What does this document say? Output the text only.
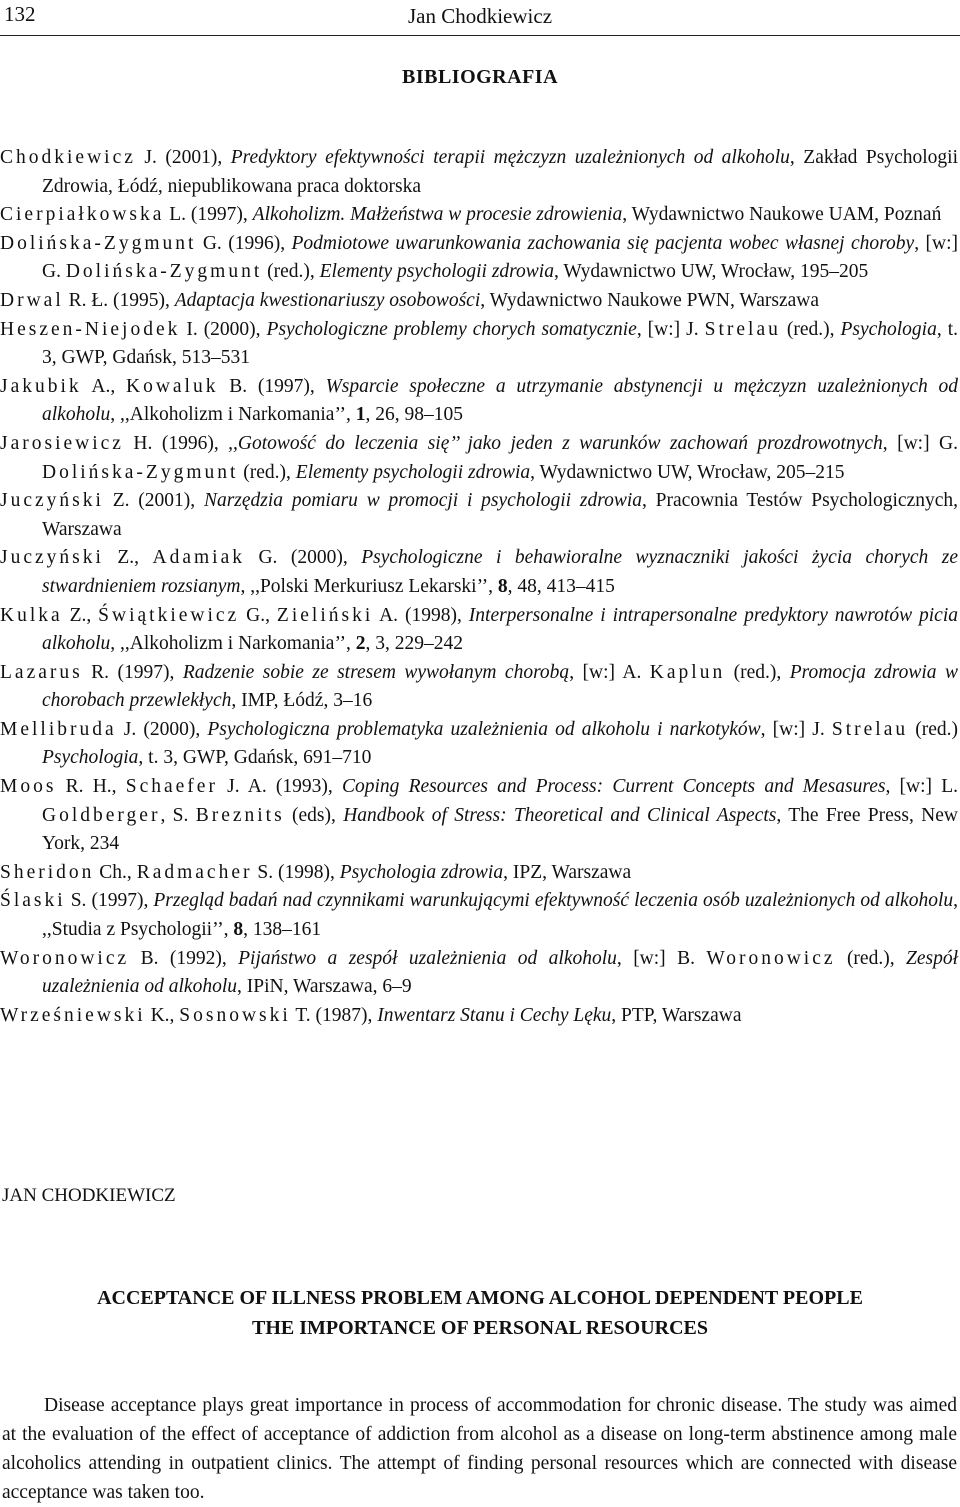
132	Jan Chodkiewicz
BIBLIOGRAFIA

Chodkiewicz J. (2001), Predyktory efektywności terapii mężczyzn uzależnionych od alkoholu, Zakład Psychologii Zdrowia, Łódź, niepublikowana praca doktorska

Cierpiałkowska L. (1997), Alkoholizm. Małżeństwa w procesie zdrowienia, Wydawnictwo Naukowe UAM, Poznań

Dolińska-Zygmunt G. (1996), Podmiotowe uwarunkowania zachowania się pacjenta wobec własnej choroby, [w:] G. Dolińska-Zygmunt (red.), Elementy psychologii zdrowia, Wydawnictwo UW, Wrocław, 195–205

Drwal R. Ł. (1995), Adaptacja kwestionariuszy osobowości, Wydawnictwo Naukowe PWN, Warszawa

Heszen-Niejodek I. (2000), Psychologiczne problemy chorych somatycznie, [w:] J. Strelau (red.), Psychologia, t. 3, GWP, Gdańsk, 513–531

Jakubik A., Kowaluk B. (1997), Wsparcie społeczne a utrzymanie abstynencji u mężczyzn uzależnionych od alkoholu, ,,Alkoholizm i Narkomania’’, 1, 26, 98–105

Jarosiewicz H. (1996), ,,Gotowość do leczenia się’’ jako jeden z warunków zachowań prozdrowotnych, [w:] G. Dolińska-Zygmunt (red.), Elementy psychologii zdrowia, Wydawnictwo UW, Wrocław, 205–215

Juczyński Z. (2001), Narzędzia pomiaru w promocji i psychologii zdrowia, Pracownia Testów Psychologicznych, Warszawa

Juczyński Z., Adamiak G. (2000), Psychologiczne i behawioralne wyznaczniki jakości życia chorych ze stwardnieniem rozsianym, ,,Polski Merkuriusz Lekarski’’, 8, 48, 413–415

Kulka Z., Świątkiewicz G., Zieliński A. (1998), Interpersonalne i intrapersonalne predyktory nawrotów picia alkoholu, ,,Alkoholizm i Narkomania’’, 2, 3, 229–242

Lazarus R. (1997), Radzenie sobie ze stresem wywołanym chorobą, [w:] A. Kaplun (red.), Promocja zdrowia w chorobach przewlekłych, IMP, Łódź, 3–16

Mellibruda J. (2000), Psychologiczna problematyka uzależnienia od alkoholu i narkotyków, [w:] J. Strelau (red.) Psychologia, t. 3, GWP, Gdańsk, 691–710

Moos R. H., Schaefer J. A. (1993), Coping Resources and Process: Current Concepts and Mesasures, [w:] L. Goldberger, S. Breznits (eds), Handbook of Stress: Theoretical and Clinical Aspects, The Free Press, New York, 234

Sheridon Ch., Radmacher S. (1998), Psychologia zdrowia, IPZ, Warszawa

Ślaski S. (1997), Przegląd badań nad czynnikami warunkującymi efektywność leczenia osób uzależnionych od alkoholu, ,,Studia z Psychologii’’, 8, 138–161

Woronowicz B. (1992), Pijaństwo a zespół uzależnienia od alkoholu, [w:] B. Woronowicz (red.), Zespół uzależnienia od alkoholu, IPiN, Warszawa, 6–9

Wrześniewski K., Sosnowski T. (1987), Inwentarz Stanu i Cechy Lęku, PTP, Warszawa

JAN CHODKIEWICZ
ACCEPTANCE OF ILLNESS PROBLEM AMONG ALCOHOL DEPENDENT PEOPLE
THE IMPORTANCE OF PERSONAL RESOURCES

Disease acceptance plays great importance in process of accommodation for chronic disease. The study was aimed at the evaluation of the effect of acceptance of addiction from alcohol as a disease on long-term abstinence among male alcoholics attending in outpatient clinics. The attempt of finding personal resources which are connected with disease acceptance was taken too.
